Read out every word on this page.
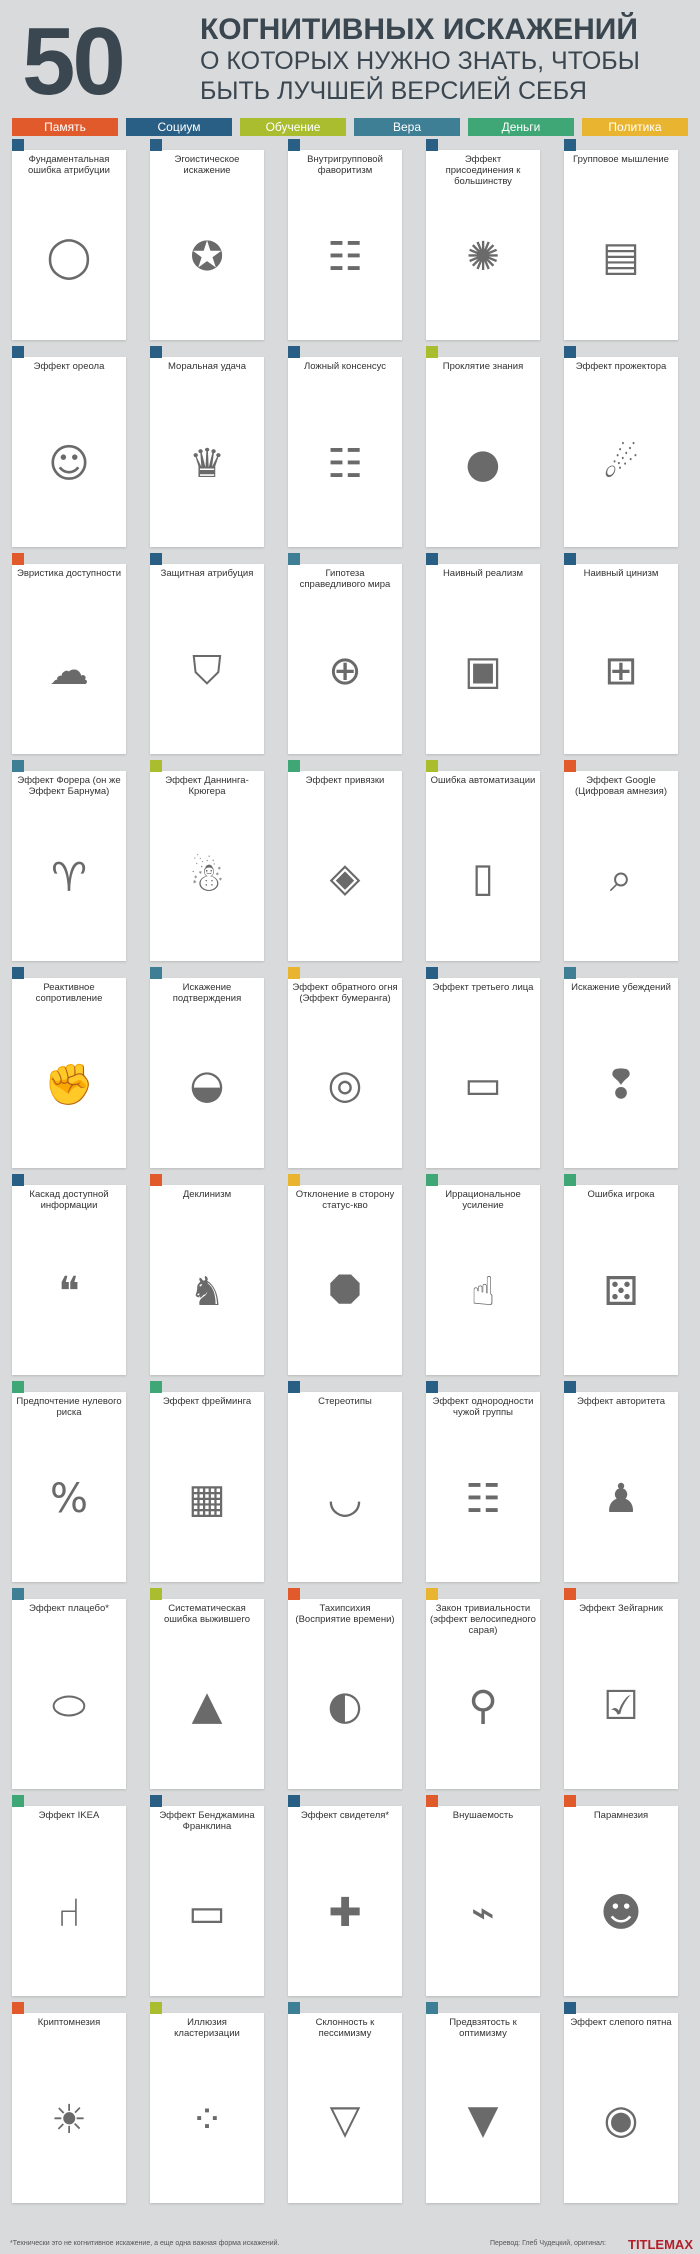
50	КОГНИТИВНЫХ ИСКАЖЕНИЙ
О КОТОРЫХ НУЖНО ЗНАТЬ, ЧТОБЫ
БЫТЬ ЛУЧШЕЙ ВЕРСИЕЙ СЕБЯ
Память	Социум	Обучение	Вера	Деньги	Политика
Фундаментальная ошибка атрибуции
◯
Эгоистическое искажение
✪
Внутригрупповой фаворитизм
☷
Эффект присоединения к большинству
✺
Групповое мышление
▤
Эффект ореола
☺
Моральная удача
♛
Ложный консенсус
☷
Проклятие знания
●
Эффект прожектора
☄
Эвристика доступности
☁
Защитная атрибуция
⛉
Гипотеза справедливого мира
⊕
Наивный реализм
▣
Наивный цинизм
⊞
Эффект Форера (он же Эффект Барнума)
♈
Эффект Даннинга-Крюгера
☃
Эффект привязки
◈
Ошибка автоматизации
▯
Эффект Google (Цифровая амнезия)
⌕
Реактивное сопротивление
✊
Искажение подтверждения
◒
Эффект обратного огня (Эффект бумеранга)
◎
Эффект третьего лица
▭
Искажение убеждений
❢
Каскад доступной информации
❝
Деклинизм
♞
Отклонение в сторону статус-кво
⯃
Иррациональное усиление
☝
Ошибка игрока
⚄
Предпочтение нулевого риска
%
Эффект фрейминга
▦
Стереотипы
◡
Эффект однородности чужой группы
☷
Эффект авторитета
♟
Эффект плацебо*
⬭
Систематическая ошибка выжившего
▲
Тахипсихия (Восприятие времени)
◐
Закон тривиальности (эффект велосипедного сарая)
⚲
Эффект Зейгарник
☑
Эффект IKEA
⑁
Эффект Бенджамина Франклина
▭
Эффект свидетеля*
✚
Внушаемость
⌁
Парамнезия
☻
Криптомнезия
☀
Иллюзия кластеризации
⁘
Склонность к пессимизму
▽
Предвзятость к оптимизму
▼
Эффект слепого пятна
◉
*Технически это не когнитивное искажение, а еще одна важная форма искажений.	Перевод: Глеб Чудецкий, оригинал: TITLEMAX
